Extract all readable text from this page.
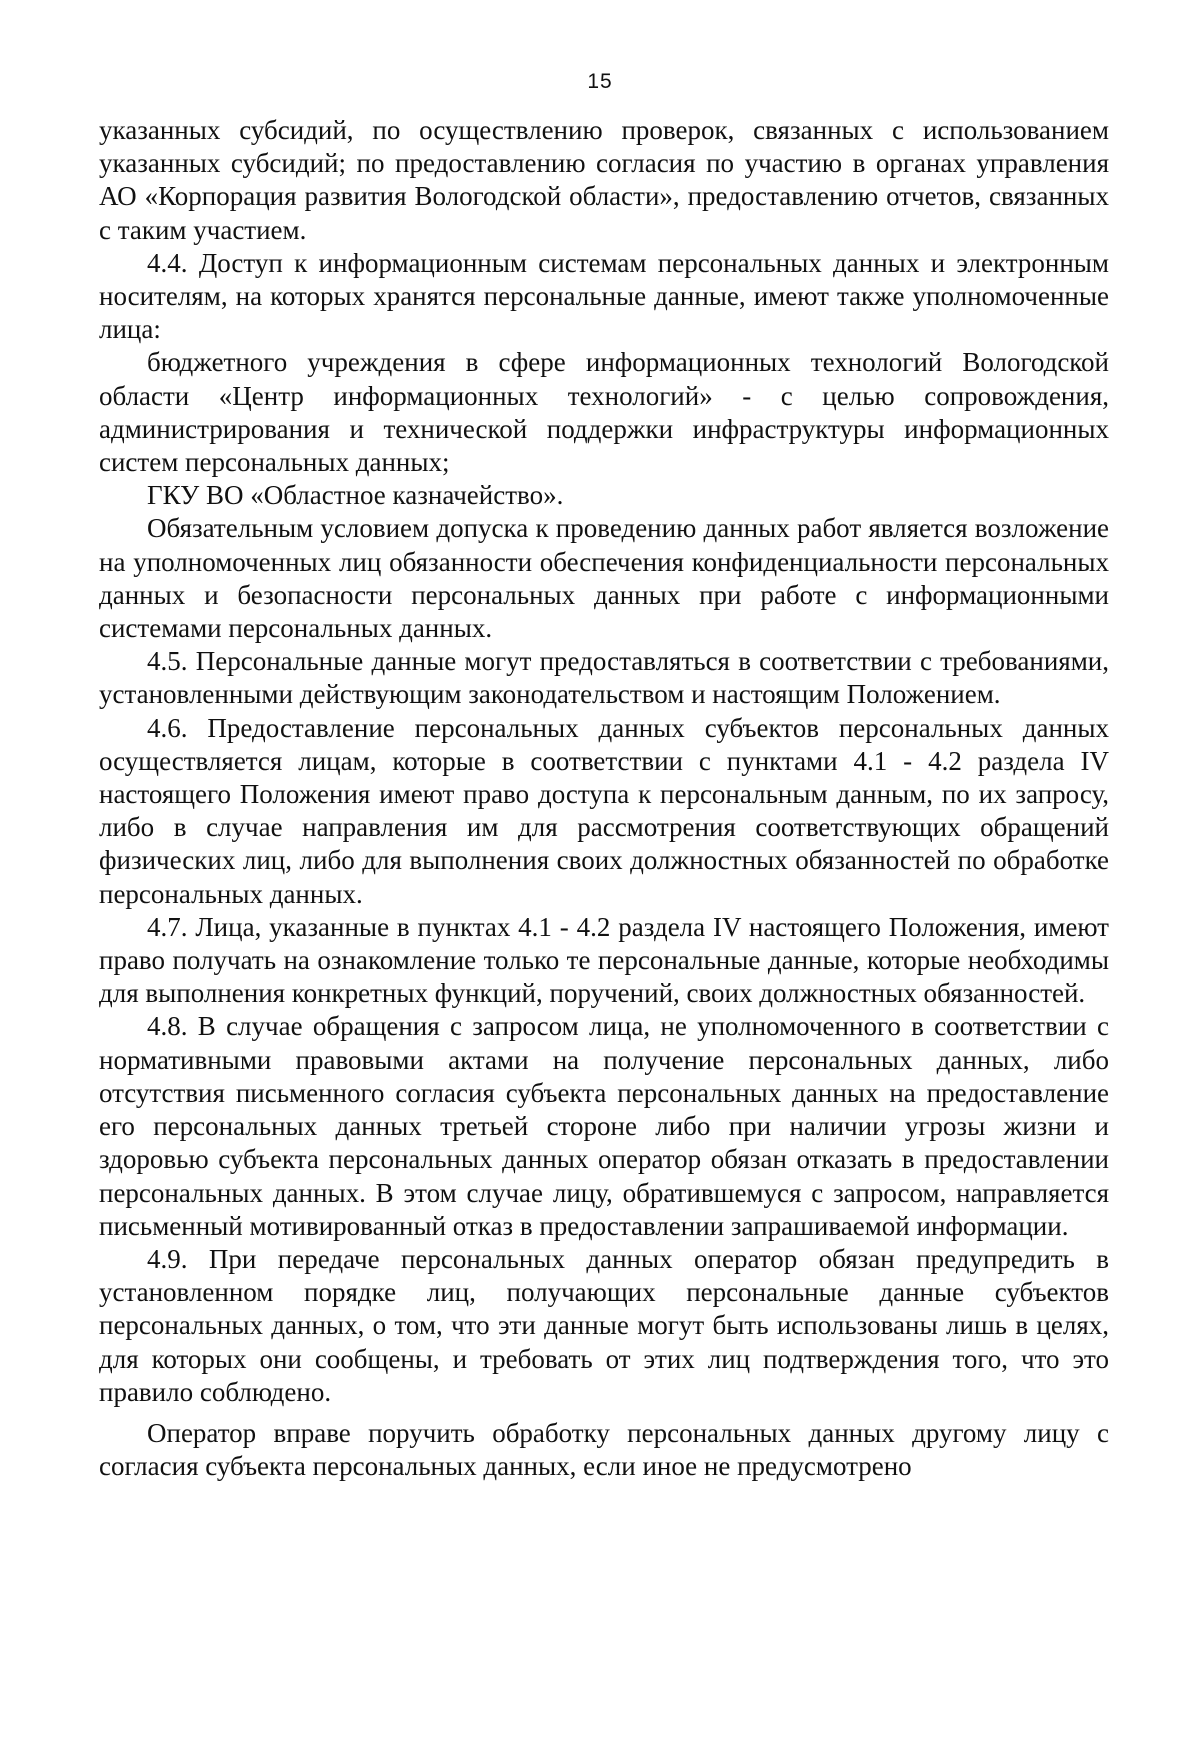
15

указанных субсидий, по осуществлению проверок, связанных с использованием указанных субсидий; по предоставлению согласия по участию в органах управления АО «Корпорация развития Вологодской области», предоставлению отчетов, связанных с таким участием.

4.4. Доступ к информационным системам персональных данных и электронным носителям, на которых хранятся персональные данные, имеют также уполномоченные лица:

бюджетного учреждения в сфере информационных технологий Вологодской области «Центр информационных технологий» - с целью сопровождения, администрирования и технической поддержки инфраструктуры информационных систем персональных данных;

ГКУ ВО «Областное казначейство».

Обязательным условием допуска к проведению данных работ является возложение на уполномоченных лиц обязанности обеспечения конфиденциальности персональных данных и безопасности персональных данных при работе с информационными системами персональных данных.

4.5. Персональные данные могут предоставляться в соответствии с требованиями, установленными действующим законодательством и настоящим Положением.

4.6. Предоставление персональных данных субъектов персональных данных осуществляется лицам, которые в соответствии с пунктами 4.1 - 4.2 раздела IV настоящего Положения имеют право доступа к персональным данным, по их запросу, либо в случае направления им для рассмотрения соответствующих обращений физических лиц, либо для выполнения своих должностных обязанностей по обработке персональных данных.

4.7. Лица, указанные в пунктах 4.1 - 4.2 раздела IV настоящего Положения, имеют право получать на ознакомление только те персональные данные, которые необходимы для выполнения конкретных функций, поручений, своих должностных обязанностей.

4.8. В случае обращения с запросом лица, не уполномоченного в соответствии с нормативными правовыми актами на получение персональных данных, либо отсутствия письменного согласия субъекта персональных данных на предоставление его персональных данных третьей стороне либо при наличии угрозы жизни и здоровью субъекта персональных данных оператор обязан отказать в предоставлении персональных данных. В этом случае лицу, обратившемуся с запросом, направляется письменный мотивированный отказ в предоставлении запрашиваемой информации.

4.9. При передаче персональных данных оператор обязан предупредить в установленном порядке лиц, получающих персональные данные субъектов персональных данных, о том, что эти данные могут быть использованы лишь в целях, для которых они сообщены, и требовать от этих лиц подтверждения того, что это правило соблюдено.

Оператор вправе поручить обработку персональных данных другому лицу с согласия субъекта персональных данных, если иное не предусмотрено
